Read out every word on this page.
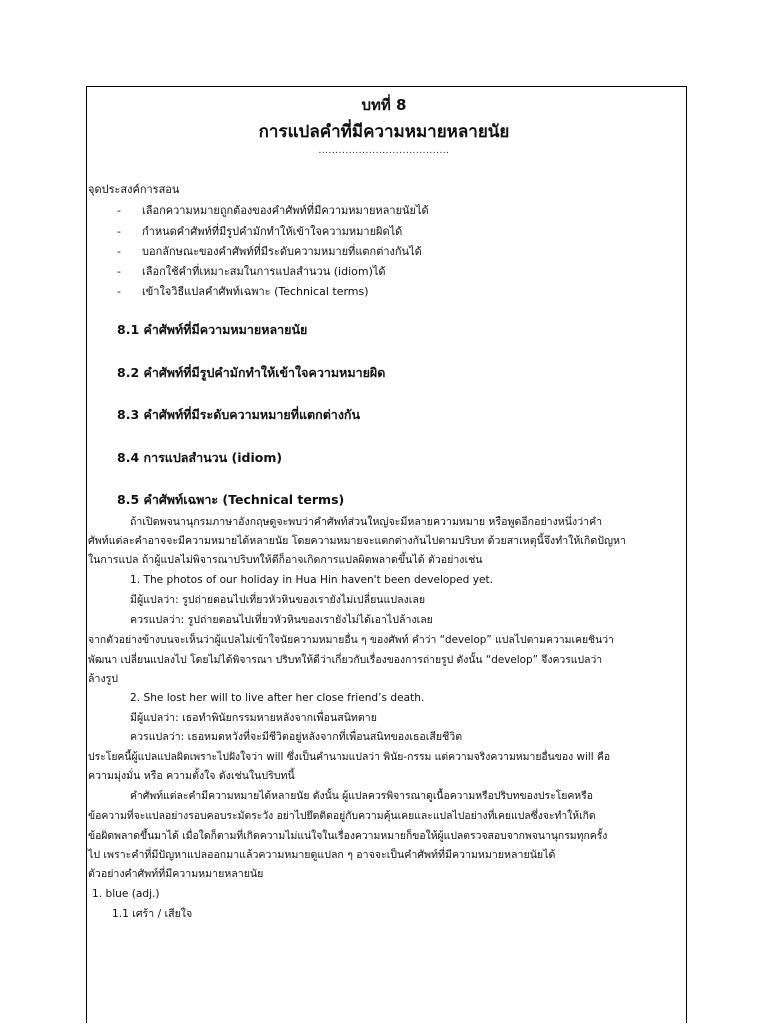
บทที่ 8
การแปลคำที่มีความหมายหลายนัย
.......................................
จุดประสงค์การสอน
- เลือกความหมายถูกต้องของคำศัพท์ที่มีความหมายหลายนัยได้
- กำหนดคำศัพท์ที่มีรูปคำมักทำให้เข้าใจความหมายผิดได้
- บอกลักษณะของคำศัพท์ที่มีระดับความหมายที่แตกต่างกันได้
- เลือกใช้คำที่เหมาะสมในการแปลสำนวน (idiom)ได้
- เข้าใจวิธีแปลคำศัพท์เฉพาะ (Technical terms)
8.1 คำศัพท์ที่มีความหมายหลายนัย
8.2 คำศัพท์ที่มีรูปคำมักทำให้เข้าใจความหมายผิด
8.3 คำศัพท์ที่มีระดับความหมายที่แตกต่างกัน
8.4 การแปลสำนวน (idiom)
8.5 คำศัพท์เฉพาะ (Technical terms)
ถ้าเปิดพจนานุกรมภาษาอังกฤษดูจะพบว่าคำศัพท์ส่วนใหญ่จะมีหลายความหมาย หรือพูดอีกอย่างหนึ่งว่าคำ
ศัพท์แต่ละคำอาจจะมีความหมายได้หลายนัย โดยความหมายจะแตกต่างกันไปตามปริบท ด้วยสาเหตุนี้จึงทำให้เกิดปัญหา
ในการแปล ถ้าผู้แปลไม่พิจารณาปริบทให้ดีก็อาจเกิดการแปลผิดพลาดขึ้นได้ ตัวอย่างเช่น
1. The photos of our holiday in Hua Hin haven't been developed yet.
มีผู้แปลว่า: รูปถ่ายตอนไปเที่ยวหัวหินของเรายังไม่เปลี่ยนแปลงเลย
ควรแปลว่า: รูปถ่ายตอนไปเที่ยวหัวหินของเรายังไม่ได้เอาไปล้างเลย
จากตัวอย่างข้างบนจะเห็นว่าผู้แปลไม่เข้าใจนัยความหมายอื่น ๆ ของศัพท์ คำว่า “develop” แปลไปตามความเคยชินว่า
พัฒนา เปลี่ยนแปลงไป โดยไม่ได้พิจารณา ปริบทให้ดีว่าเกี่ยวกับเรื่องของการถ่ายรูป ดังนั้น “develop” จึงควรแปลว่า
ล้างรูป
2. She lost her will to live after her close friend’s death.
มีผู้แปลว่า: เธอทำพินัยกรรมหายหลังจากเพื่อนสนิทตาย
ควรแปลว่า: เธอหมดหวังที่จะมีชีวิตอยู่หลังจากที่เพื่อนสนิทของเธอเสียชีวิต
ประโยคนี้ผู้แปลแปลผิดเพราะไปฝังใจว่า will ซึ่งเป็นคำนามแปลว่า พินัย-กรรม แต่ความจริงความหมายอื่นของ will คือ
ความมุ่งมั่น หรือ ความตั้งใจ ดังเช่นในปริบทนี้
คำศัพท์แต่ละคำมีความหมายได้หลายนัย ดังนั้น ผู้แปลควรพิจารณาดูเนื้อความหรือปริบทของประโยคหรือ
ข้อความที่จะแปลอย่างรอบคอบระมัดระวัง อย่าไปยึดติดอยู่กับความคุ้นเคยและแปลไปอย่างที่เคยแปลซึ่งจะทำให้เกิด
ข้อผิดพลาดขึ้นมาได้ เมื่อใดก็ตามที่เกิดความไม่แน่ใจในเรื่องความหมายก็ขอให้ผู้แปลตรวจสอบจากพจนานุกรมทุกครั้ง
ไป เพราะคำที่มีปัญหาแปลออกมาแล้วความหมายดูแปลก ๆ อาจจะเป็นคำศัพท์ที่มีความหมายหลายนัยได้
ตัวอย่างคำศัพท์ที่มีความหมายหลายนัย
1. blue (adj.)
1.1 เศร้า / เสียใจ
